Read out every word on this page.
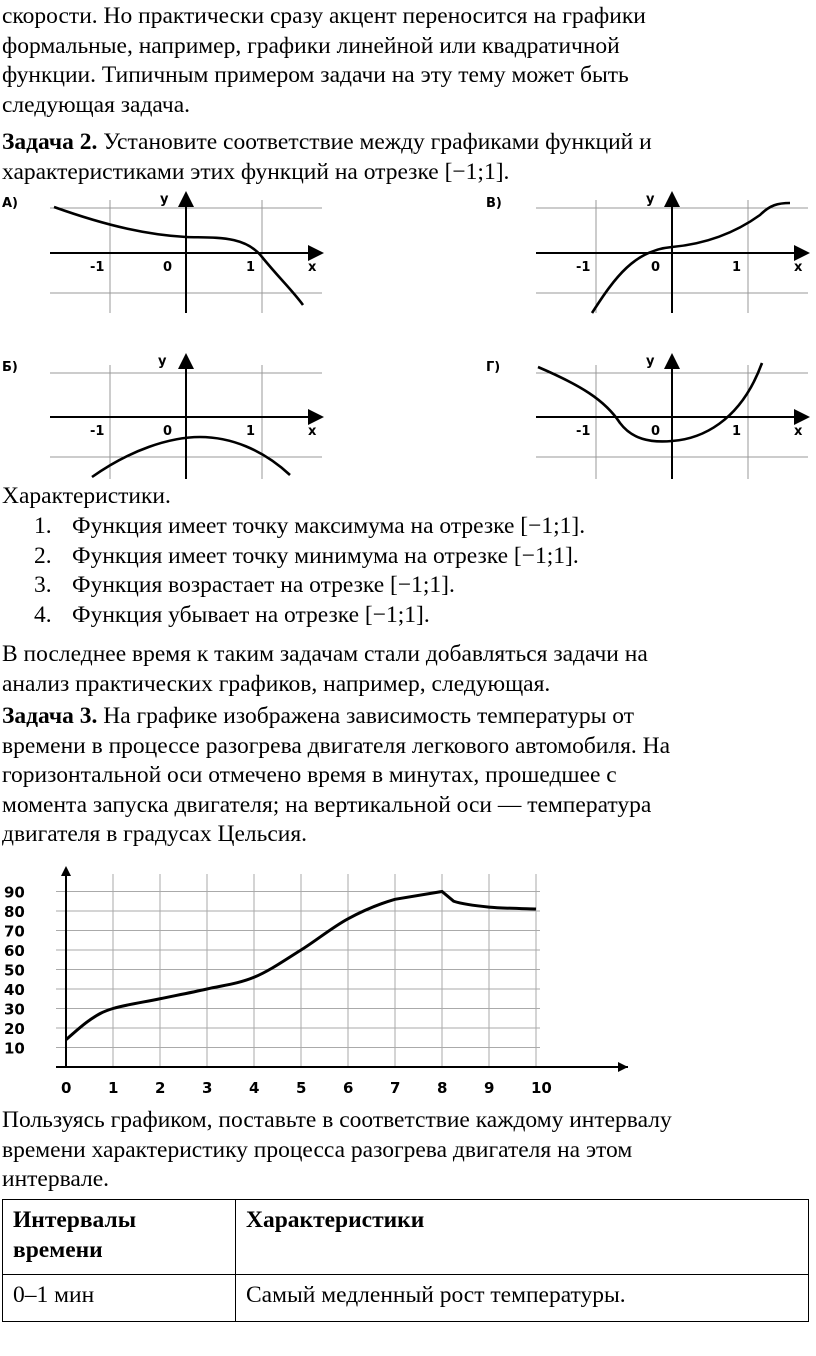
скорости. Но практически сразу акцент переносится на графики
формальные, например, графики линейной или квадратичной
функции. Типичным примером задачи на эту тему может быть
следующая задача.
Задача 2. Установите соответствие между графиками функций и
характеристиками этих функций на отрезке [−1;1].
А)	y
x
-1	0	1
В)	y
x
-1	0	1
Б)	y
x
-1	0	1
Г)	y
x
-1	0	1
Характеристики.
1. Функция имеет точку максимума на отрезке [−1;1].
2. Функция имеет точку минимума на отрезке [−1;1].
3. Функция возрастает на отрезке [−1;1].
4. Функция убывает на отрезке [−1;1].
В последнее время к таким задачам стали добавляться задачи на
анализ практических графиков, например, следующая.
Задача 3. На графике изображена зависимость температуры от
времени в процессе разогрева двигателя легкового автомобиля. На
горизонтальной оси отмечено время в минутах, прошедшее с
момента запуска двигателя; на вертикальной оси — температура
двигателя в градусах Цельсия.
10
20
30
40
50
60
70
80
90
0 1 2 3 4 5 6 7 8 9 10
Пользуясь графиком, поставьте в соответствие каждому интервалу
времени характеристику процесса разогрева двигателя на этом
интервале.
Интервалы времени	Характеристики
0–1 мин	Самый медленный рост температуры.
